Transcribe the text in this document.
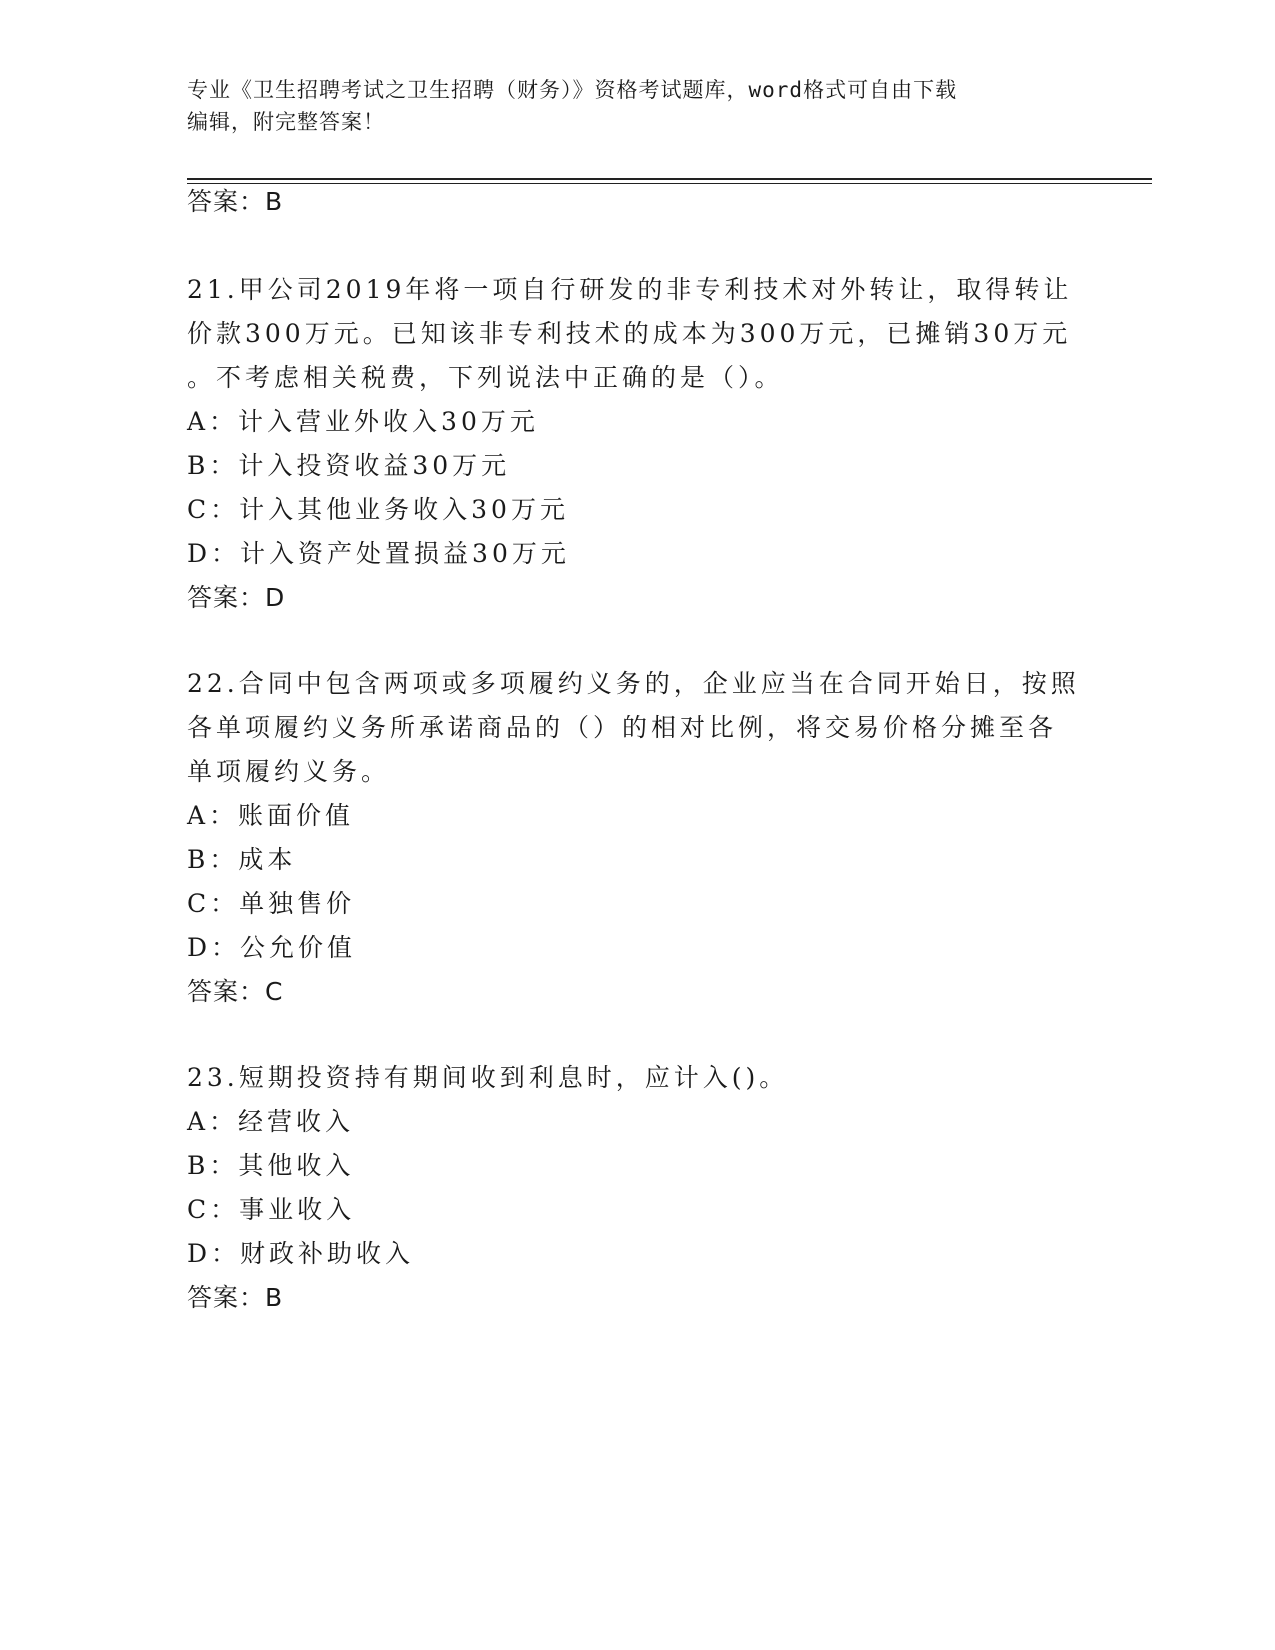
专业《卫生招聘考试之卫生招聘（财务）》资格考试题库，word格式可自由下载
编辑，附完整答案！
答案：B
21.甲公司2019年将一项自行研发的非专利技术对外转让，取得转让
价款300万元。已知该非专利技术的成本为300万元，已摊销30万元
。不考虑相关税费，下列说法中正确的是（）。
A：计入营业外收入30万元
B：计入投资收益30万元
C：计入其他业务收入30万元
D：计入资产处置损益30万元
答案：D
22.合同中包含两项或多项履约义务的，企业应当在合同开始日，按照
各单项履约义务所承诺商品的（）的相对比例，将交易价格分摊至各
单项履约义务。
A：账面价值
B：成本
C：单独售价
D：公允价值
答案：C
23.短期投资持有期间收到利息时，应计入()。
A：经营收入
B：其他收入
C：事业收入
D：财政补助收入
答案：B
